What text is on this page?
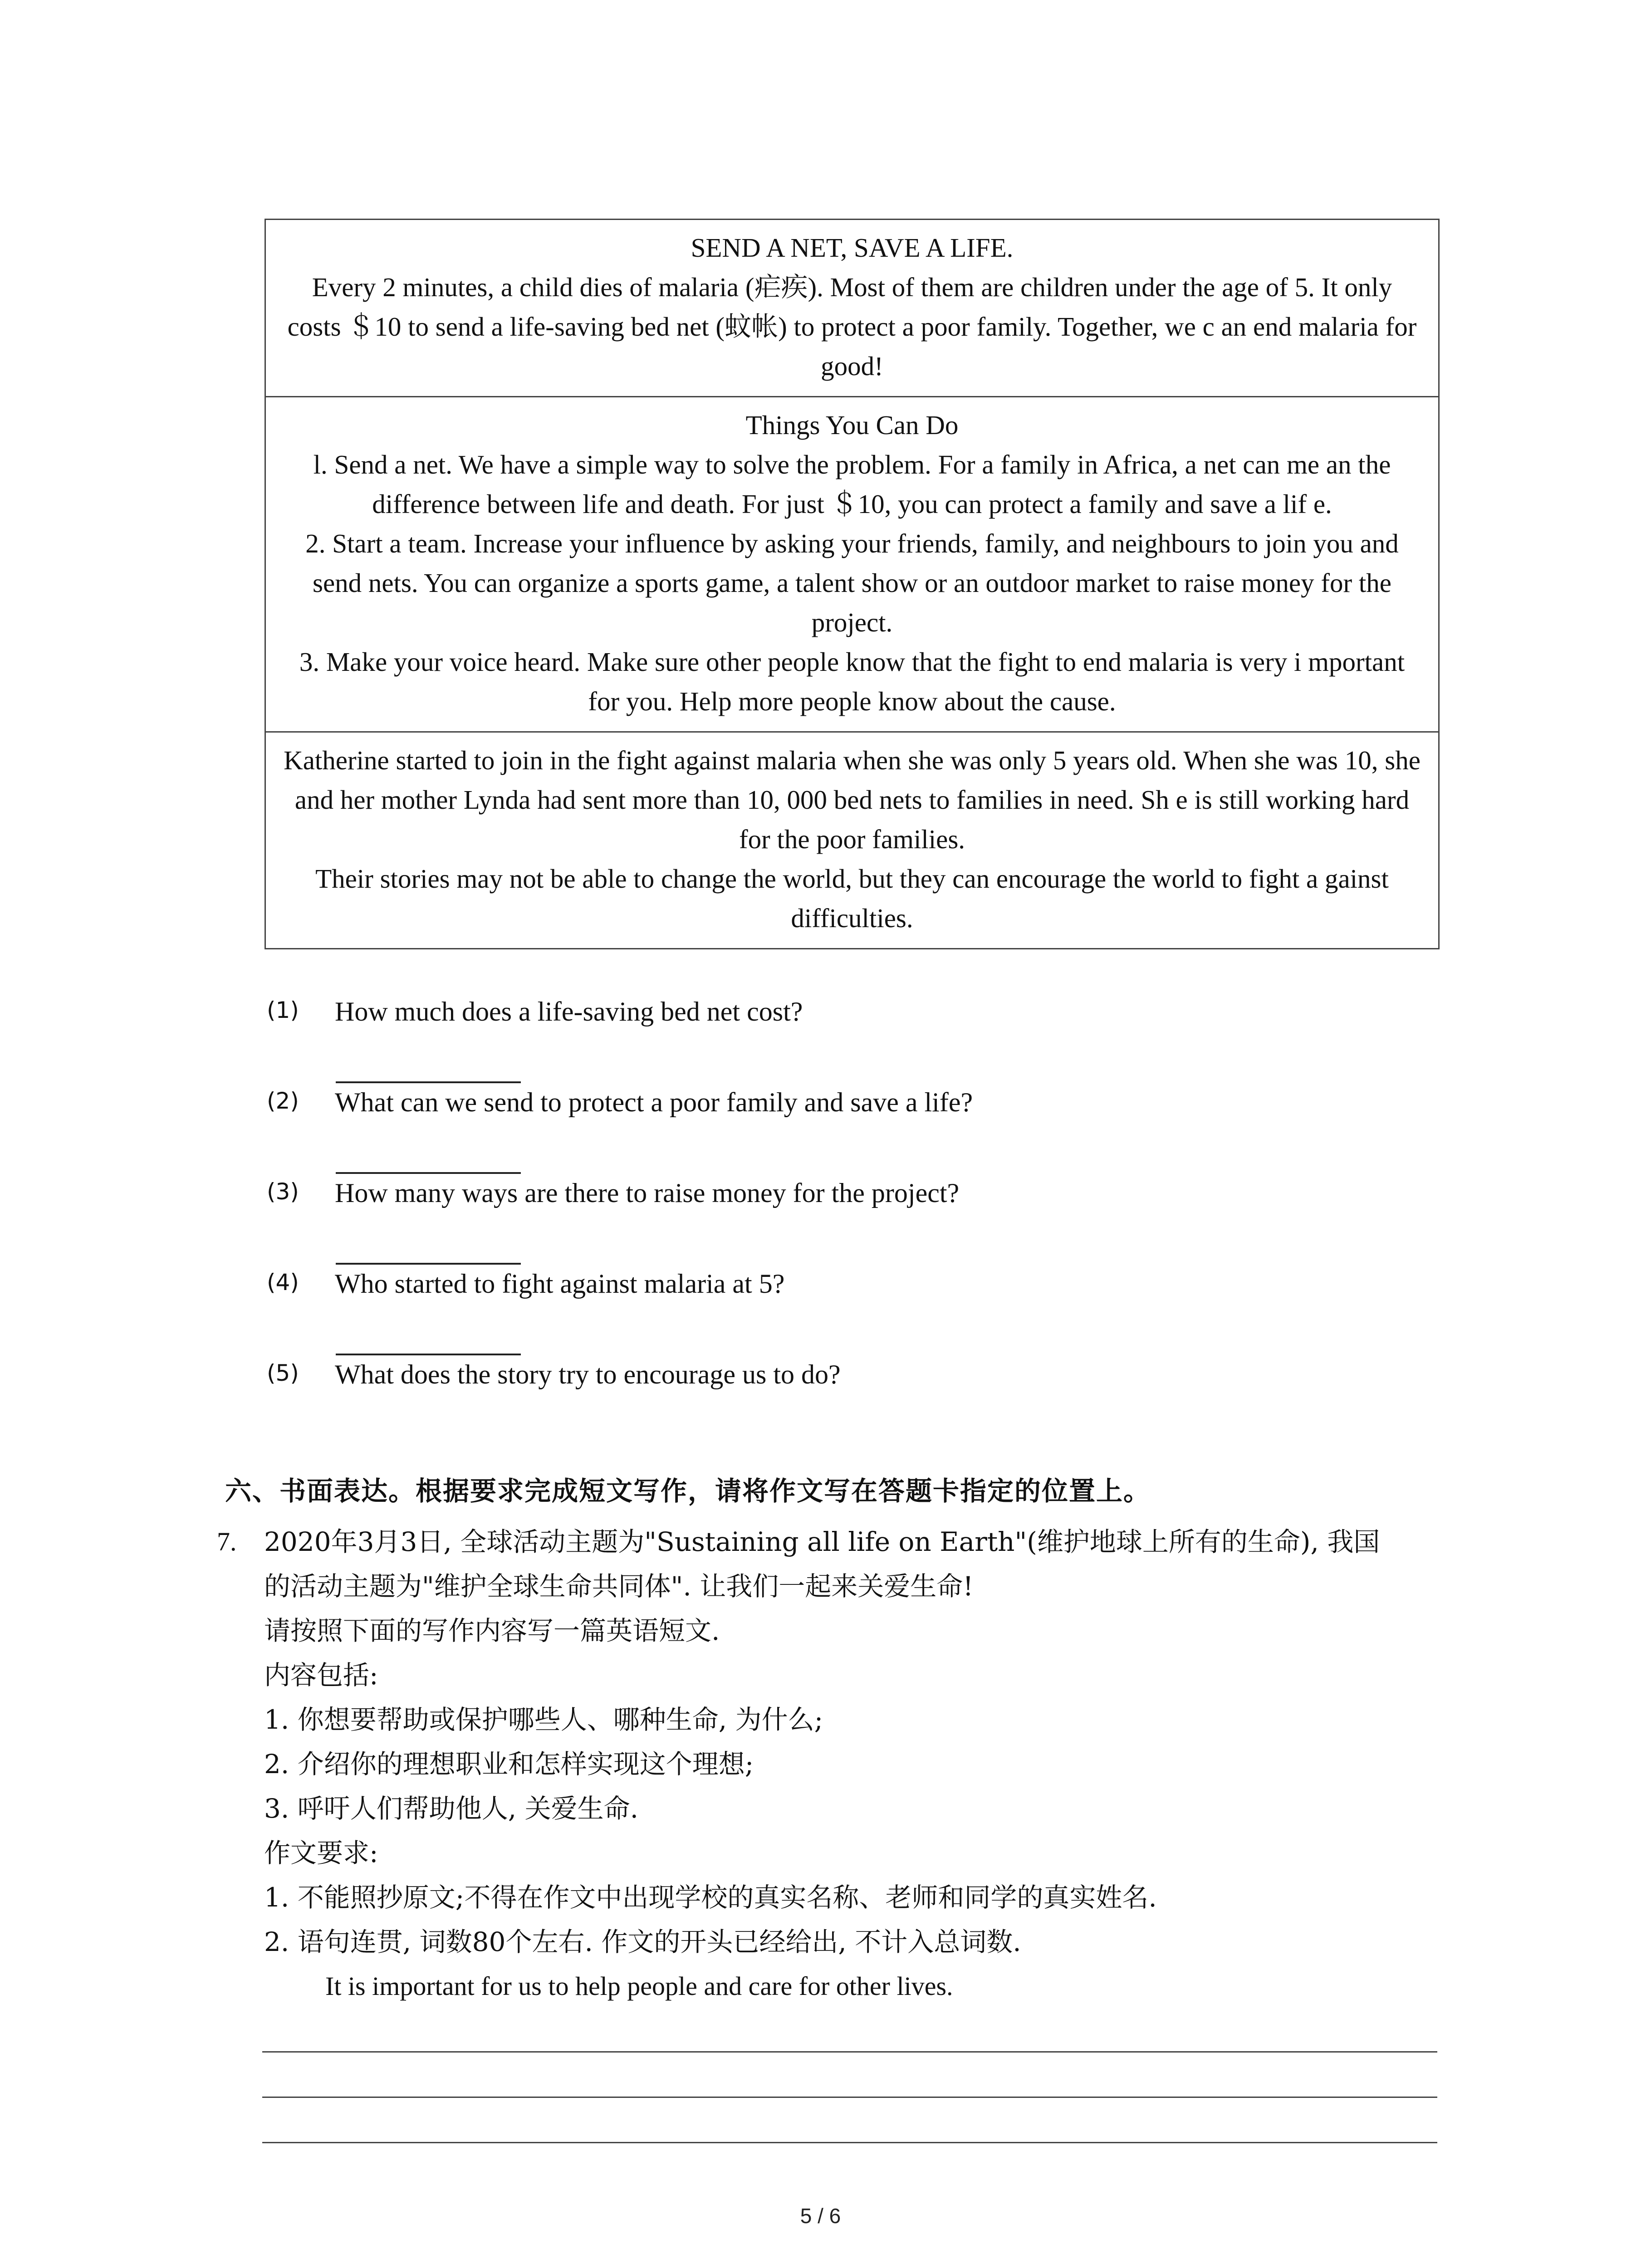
SEND A NET, SAVE A LIFE.

Every 2 minutes, a child dies of malaria (疟疾). Most of them are children under the age of 5. It only costs ＄10 to send a life-saving bed net (蚊帐) to protect a poor family. Together, we c an end malaria for good!

Things You Can Do

l. Send a net. We have a simple way to solve the problem. For a family in Africa, a net can me an the difference between life and death. For just ＄10, you can protect a family and save a lif e.

2. Start a team. Increase your influence by asking your friends, family, and neighbours to join you and send nets. You can organize a sports game, a talent show or an outdoor market to raise money for the project.

3. Make your voice heard. Make sure other people know that the fight to end malaria is very i mportant for you. Help more people know about the cause.

Katherine started to join in the fight against malaria when she was only 5 years old. When she was 10, she and her mother Lynda had sent more than 10, 000 bed nets to families in need. Sh e is still working hard for the poor families.

Their stories may not be able to change the world, but they can encourage the world to fight a gainst difficulties.

(1) How much does a life-saving bed net cost?
(2) What can we send to protect a poor family and save a life?
(3) How many ways are there to raise money for the project?
(4) Who started to fight against malaria at 5?
(5) What does the story try to encourage us to do?
六、书面表达。根据要求完成短文写作，请将作文写在答题卡指定的位置上。
7. 2020年3月3日, 全球活动主题为"Sustaining all life on Earth"(维护地球上所有的生命), 我国
的活动主题为"维护全球生命共同体". 让我们一起来关爱生命!
请按照下面的写作内容写一篇英语短文.
内容包括:
1. 你想要帮助或保护哪些人、哪种生命, 为什么;
2. 介绍你的理想职业和怎样实现这个理想;
3. 呼吁人们帮助他人, 关爱生命.
作文要求:
1. 不能照抄原文;不得在作文中出现学校的真实名称、老师和同学的真实姓名.
2. 语句连贯, 词数80个左右. 作文的开头已经给出, 不计入总词数.
It is important for us to help people and care for other lives.
5 / 6
